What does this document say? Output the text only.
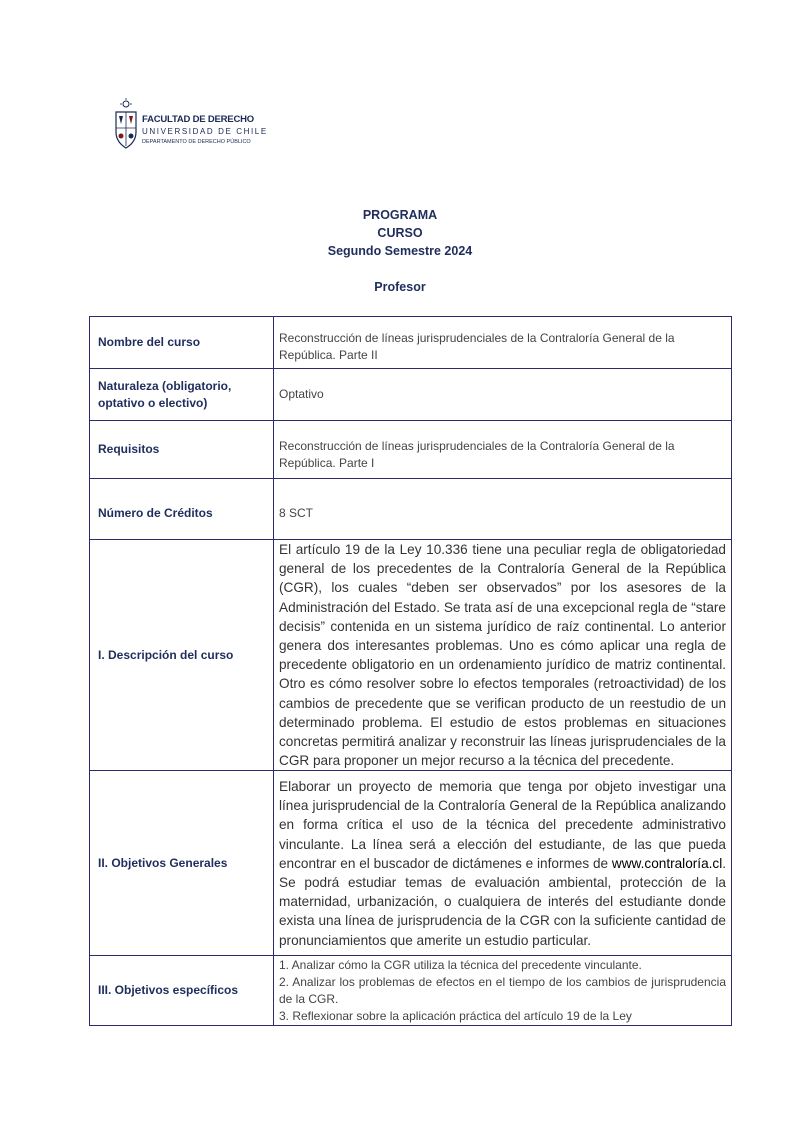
FACULTAD DE DERECHO
UNIVERSIDAD DE CHILE
DEPARTAMENTO DE DERECHO PÚBLICO
PROGRAMA
CURSO
Segundo Semestre 2024
Profesor
Nombre del curso	Reconstrucción de líneas jurisprudenciales de la Contraloría General de la República. Parte II
Naturaleza (obligatorio, optativo o electivo)	Optativo
Requisitos	Reconstrucción de líneas jurisprudenciales de la Contraloría General de la República. Parte I
Número de Créditos	8 SCT
I. Descripción del curso	El artículo 19 de la Ley 10.336 tiene una peculiar regla de obligatoriedad general de los precedentes de la Contraloría General de la República (CGR), los cuales “deben ser observados” por los asesores de la Administración del Estado. Se trata así de una excepcional regla de “stare decisis” contenida en un sistema jurídico de raíz continental. Lo anterior genera dos interesantes problemas. Uno es cómo aplicar una regla de precedente obligatorio en un ordenamiento jurídico de matriz continental. Otro es cómo resolver sobre lo efectos temporales (retroactividad) de los cambios de precedente que se verifican producto de un reestudio de un determinado problema. El estudio de estos problemas en situaciones concretas permitirá analizar y reconstruir las líneas jurisprudenciales de la CGR para proponer un mejor recurso a la técnica del precedente.
II. Objetivos Generales	Elaborar un proyecto de memoria que tenga por objeto investigar una línea jurisprudencial de la Contraloría General de la República analizando en forma crítica el uso de la técnica del precedente administrativo vinculante. La línea será a elección del estudiante, de las que pueda encontrar en el buscador de dictámenes e informes de www.contraloría.cl. Se podrá estudiar temas de evaluación ambiental, protección de la maternidad, urbanización, o cualquiera de interés del estudiante donde exista una línea de jurisprudencia de la CGR con la suficiente cantidad de pronunciamientos que amerite un estudio particular.
III. Objetivos específicos	1. Analizar cómo la CGR utiliza la técnica del precedente vinculante.
2. Analizar los problemas de efectos en el tiempo de los cambios de jurisprudencia de la CGR.
3. Reflexionar sobre la aplicación práctica del artículo 19 de la Ley
